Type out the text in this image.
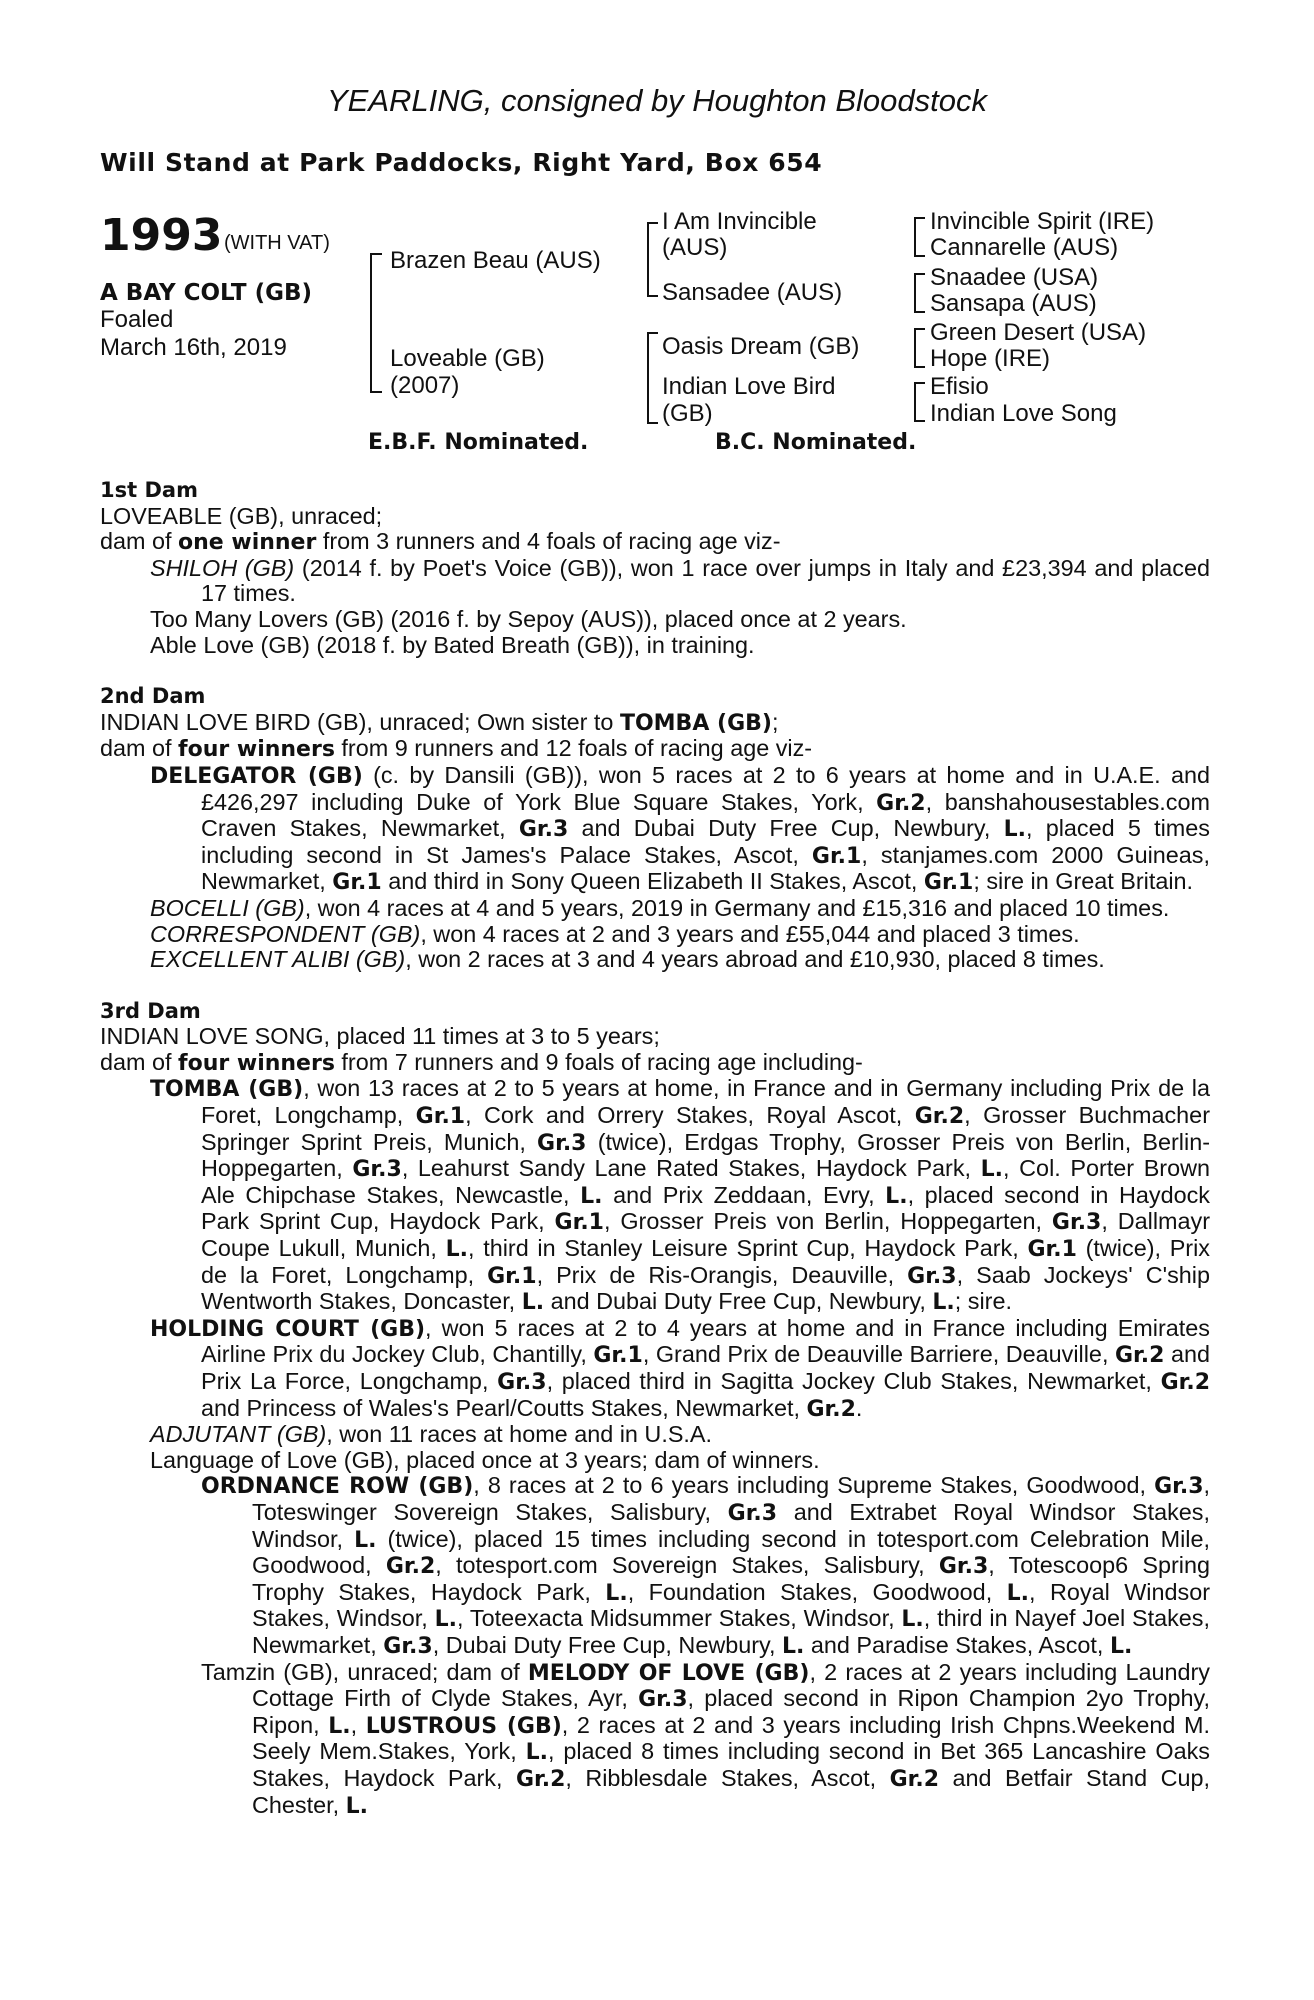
YEARLING, consigned by Houghton Bloodstock
Will Stand at Park Paddocks, Right Yard, Box 654
1993 (WITH VAT)
A BAY COLT (GB)
Foaled
March 16th, 2019
Brazen Beau (AUS)
Loveable (GB)
(2007)
I Am Invincible
(AUS)
Sansadee (AUS)
Oasis Dream (GB)
Indian Love Bird
(GB)
Invincible Spirit (IRE)
Cannarelle (AUS)
Snaadee (USA)
Sansapa (AUS)
Green Desert (USA)
Hope (IRE)
Efisio
Indian Love Song
E.B.F. Nominated.	B.C. Nominated.

1st Dam

LOVEABLE (GB), unraced;

dam of one winner from 3 runners and 4 foals of racing age viz-

SHILOH (GB) (2014 f. by Poet's Voice (GB)), won 1 race over jumps in Italy and £23,394 and placed 17 times.

Too Many Lovers (GB) (2016 f. by Sepoy (AUS)), placed once at 2 years.

Able Love (GB) (2018 f. by Bated Breath (GB)), in training.

2nd Dam

INDIAN LOVE BIRD (GB), unraced; Own sister to TOMBA (GB);

dam of four winners from 9 runners and 12 foals of racing age viz-

DELEGATOR (GB) (c. by Dansili (GB)), won 5 races at 2 to 6 years at home and in U.A.E. and £426,297 including Duke of York Blue Square Stakes, York, Gr.2, banshahousestables.com Craven Stakes, Newmarket, Gr.3 and Dubai Duty Free Cup, Newbury, L., placed 5 times including second in St James's Palace Stakes, Ascot, Gr.1, stanjames.com 2000 Guineas, Newmarket, Gr.1 and third in Sony Queen Elizabeth II Stakes, Ascot, Gr.1; sire in Great Britain.

BOCELLI (GB), won 4 races at 4 and 5 years, 2019 in Germany and £15,316 and placed 10 times.

CORRESPONDENT (GB), won 4 races at 2 and 3 years and £55,044 and placed 3 times.

EXCELLENT ALIBI (GB), won 2 races at 3 and 4 years abroad and £10,930, placed 8 times.

3rd Dam

INDIAN LOVE SONG, placed 11 times at 3 to 5 years;

dam of four winners from 7 runners and 9 foals of racing age including-

TOMBA (GB), won 13 races at 2 to 5 years at home, in France and in Germany including Prix de la Foret, Longchamp, Gr.1, Cork and Orrery Stakes, Royal Ascot, Gr.2, Grosser Buchmacher Springer Sprint Preis, Munich, Gr.3 (twice), Erdgas Trophy, Grosser Preis von Berlin, Berlin-Hoppegarten, Gr.3, Leahurst Sandy Lane Rated Stakes, Haydock Park, L., Col. Porter Brown Ale Chipchase Stakes, Newcastle, L. and Prix Zeddaan, Evry, L., placed second in Haydock Park Sprint Cup, Haydock Park, Gr.1, Grosser Preis von Berlin, Hoppegarten, Gr.3, Dallmayr Coupe Lukull, Munich, L., third in Stanley Leisure Sprint Cup, Haydock Park, Gr.1 (twice), Prix de la Foret, Longchamp, Gr.1, Prix de Ris-Orangis, Deauville, Gr.3, Saab Jockeys' C'ship Wentworth Stakes, Doncaster, L. and Dubai Duty Free Cup, Newbury, L.; sire.

HOLDING COURT (GB), won 5 races at 2 to 4 years at home and in France including Emirates Airline Prix du Jockey Club, Chantilly, Gr.1, Grand Prix de Deauville Barriere, Deauville, Gr.2 and Prix La Force, Longchamp, Gr.3, placed third in Sagitta Jockey Club Stakes, Newmarket, Gr.2 and Princess of Wales's Pearl/Coutts Stakes, Newmarket, Gr.2.

ADJUTANT (GB), won 11 races at home and in U.S.A.

Language of Love (GB), placed once at 3 years; dam of winners.

ORDNANCE ROW (GB), 8 races at 2 to 6 years including Supreme Stakes, Goodwood, Gr.3, Toteswinger Sovereign Stakes, Salisbury, Gr.3 and Extrabet Royal Windsor Stakes, Windsor, L. (twice), placed 15 times including second in totesport.com Celebration Mile, Goodwood, Gr.2, totesport.com Sovereign Stakes, Salisbury, Gr.3, Totescoop6 Spring Trophy Stakes, Haydock Park, L., Foundation Stakes, Goodwood, L., Royal Windsor Stakes, Windsor, L., Toteexacta Midsummer Stakes, Windsor, L., third in Nayef Joel Stakes, Newmarket, Gr.3, Dubai Duty Free Cup, Newbury, L. and Paradise Stakes, Ascot, L.

Tamzin (GB), unraced; dam of MELODY OF LOVE (GB), 2 races at 2 years including Laundry Cottage Firth of Clyde Stakes, Ayr, Gr.3, placed second in Ripon Champion 2yo Trophy, Ripon, L., LUSTROUS (GB), 2 races at 2 and 3 years including Irish Chpns.Weekend M. Seely Mem.Stakes, York, L., placed 8 times including second in Bet 365 Lancashire Oaks Stakes, Haydock Park, Gr.2, Ribblesdale Stakes, Ascot, Gr.2 and Betfair Stand Cup, Chester, L.
